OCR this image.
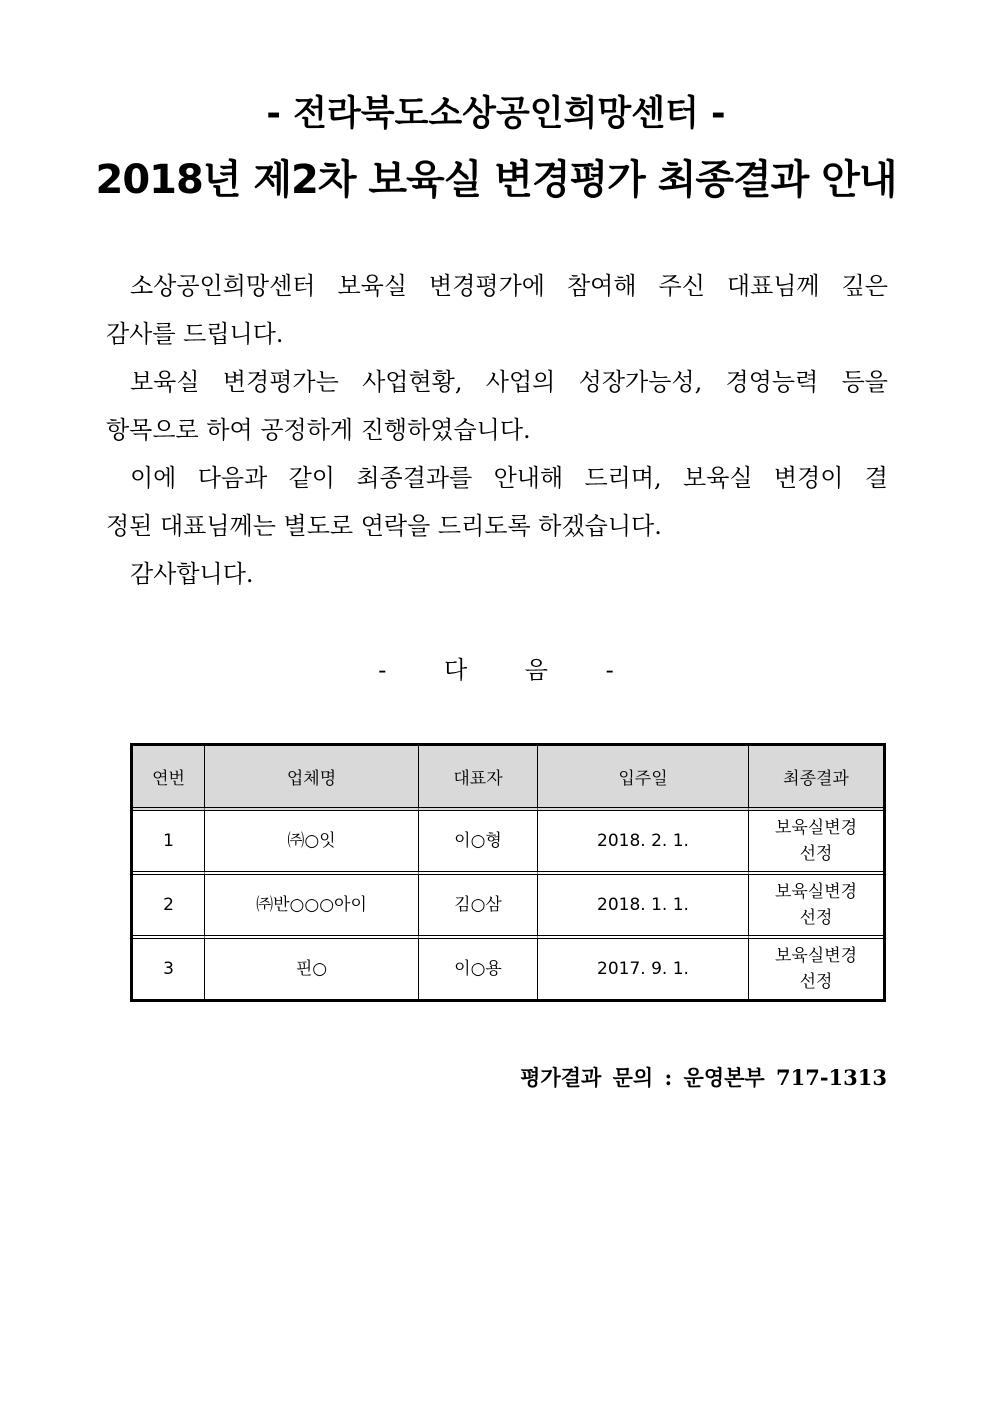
- 전라북도소상공인희망센터 -
2018년 제2차 보육실 변경평가 최종결과 안내
소상공인희망센터 보육실 변경평가에 참여해 주신 대표님께 깊은
감사를 드립니다.
보육실 변경평가는 사업현황, 사업의 성장가능성, 경영능력 등을
항목으로 하여 공정하게 진행하였습니다.
이에 다음과 같이 최종결과를 안내해 드리며, 보육실 변경이 결
정된 대표님께는 별도로 연락을 드리도록 하겠습니다.
감사합니다.
- 다 음 -
연번	업체명	대표자	입주일	최종결과
1	㈜○잇	이○형	2018. 2. 1.	보육실변경
선정
2	㈜반○○○아이	김○삼	2018. 1. 1.	보육실변경
선정
3	핀○	이○용	2017. 9. 1.	보육실변경
선정
평가결과 문의 : 운영본부 717-1313
